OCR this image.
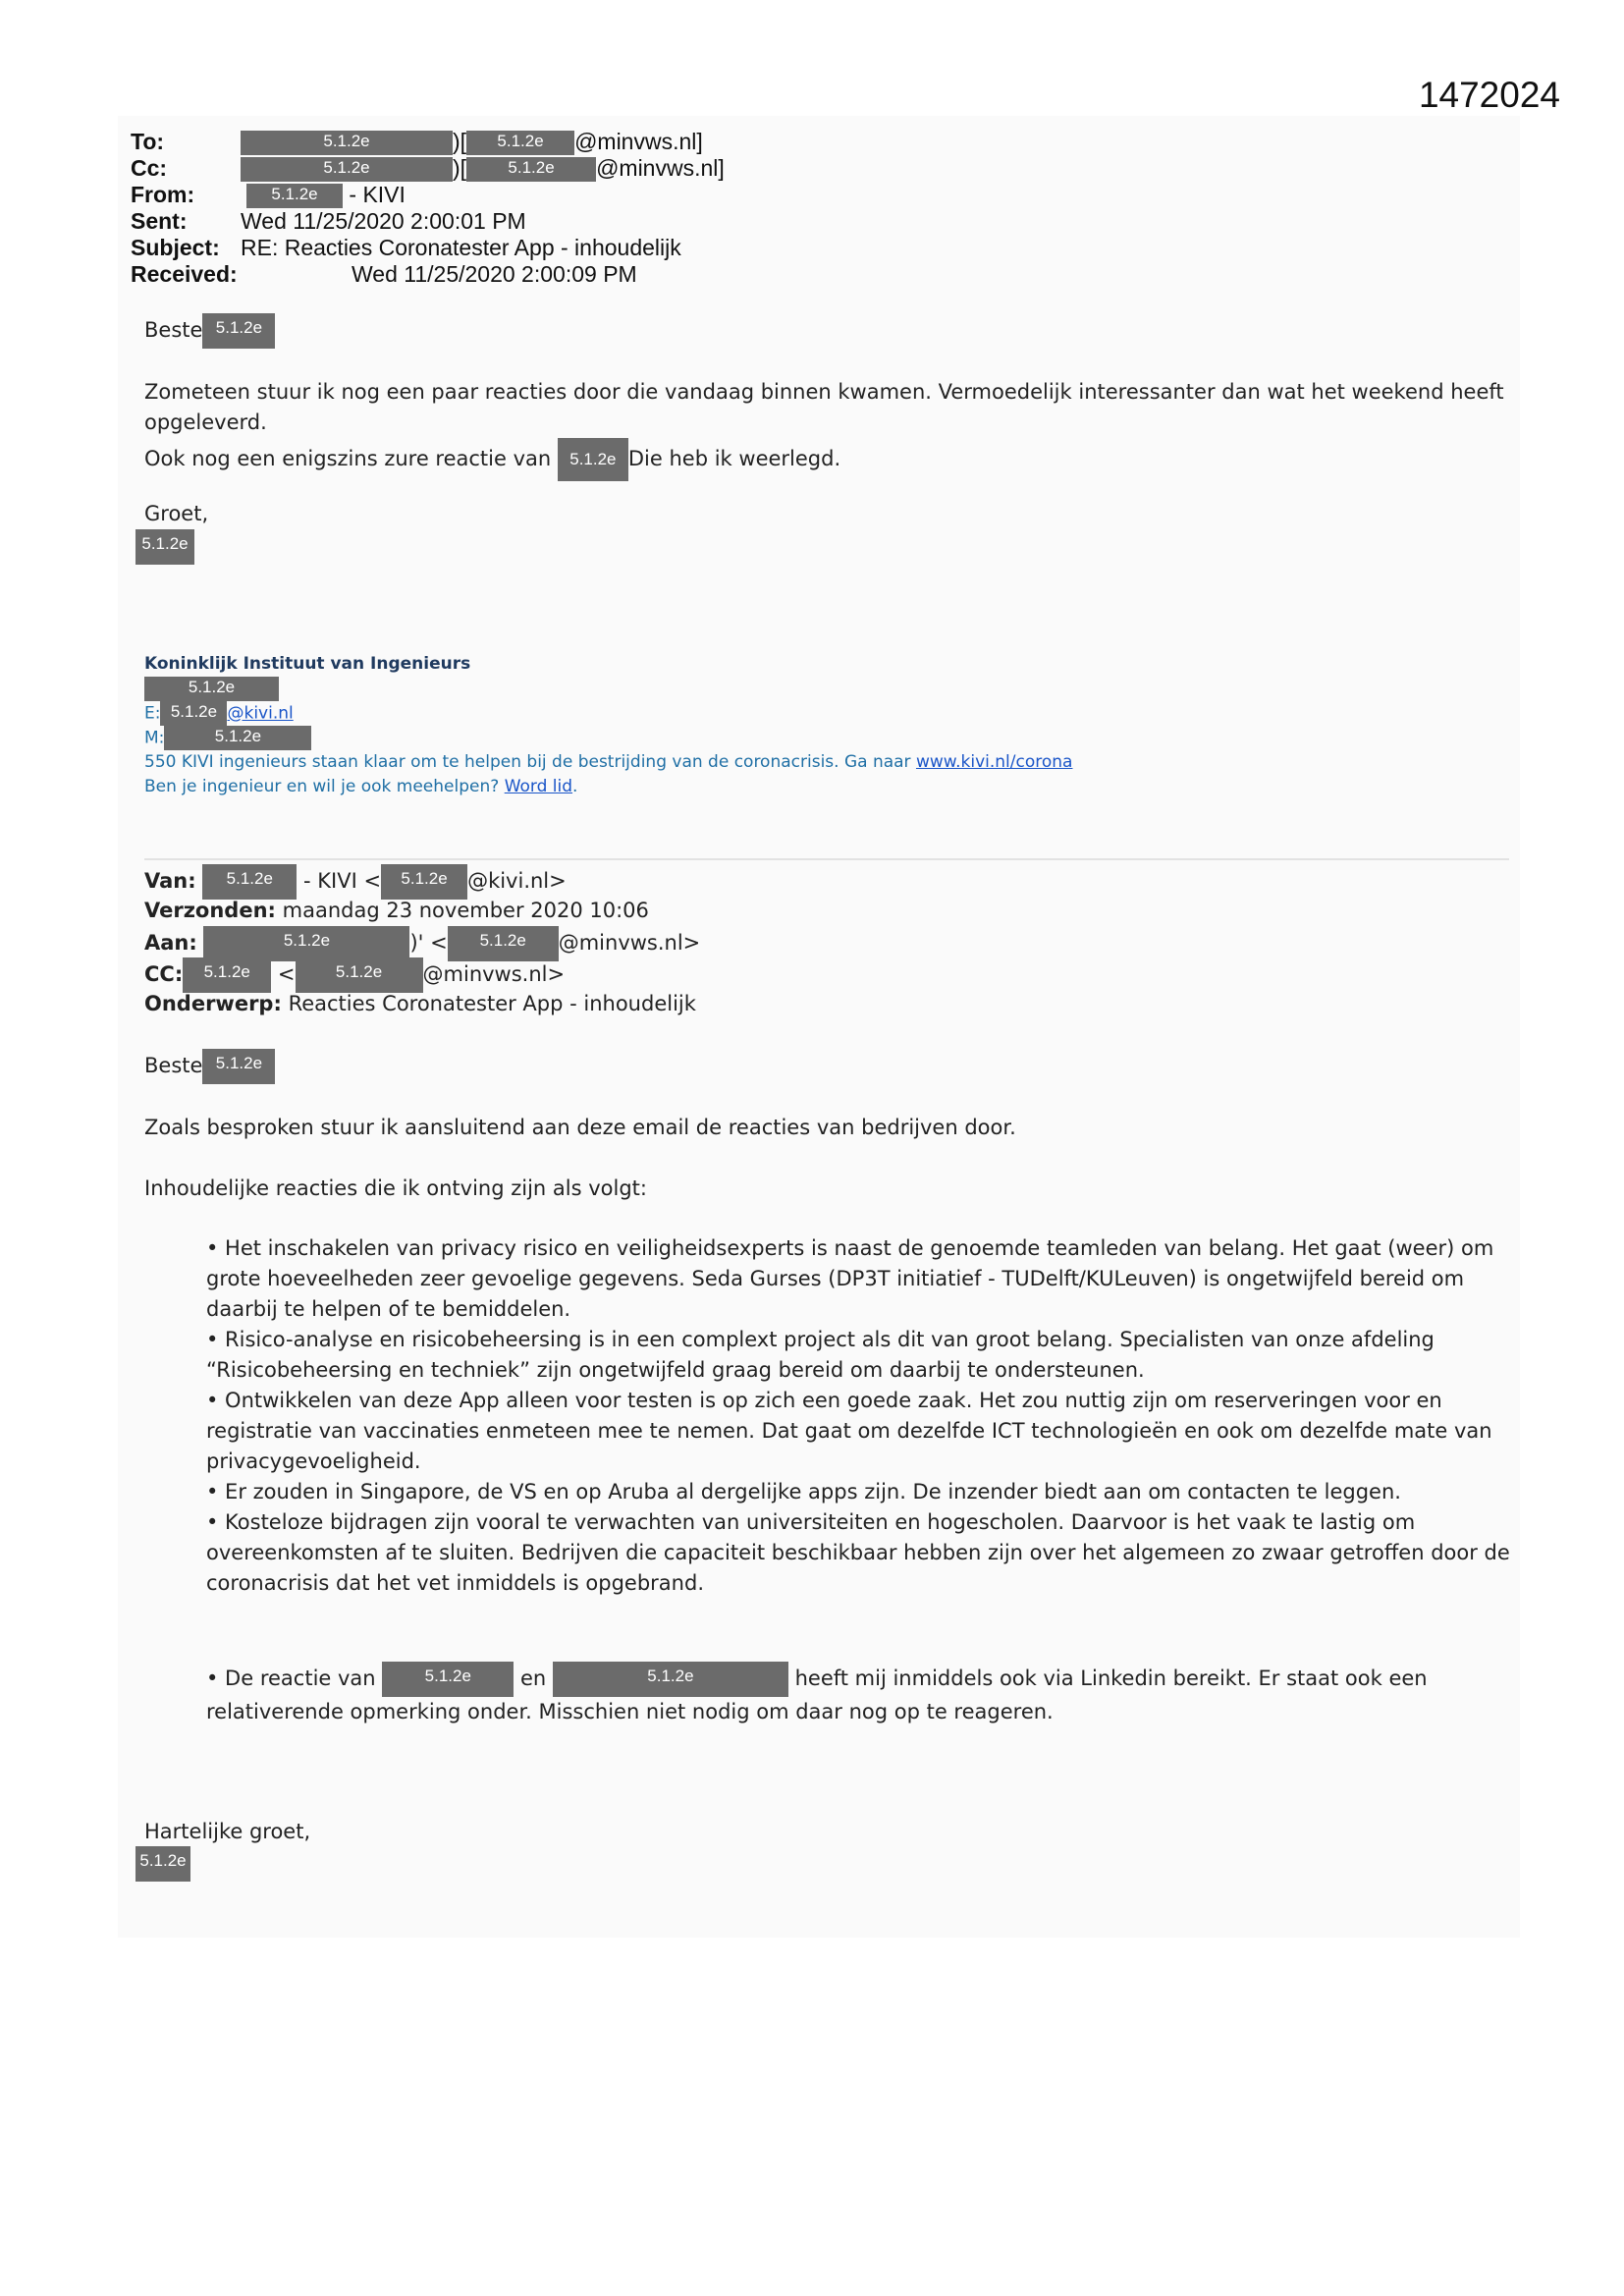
1472024
To:	5.1.2e	)[ 5.1.2e @minvws.nl]
Cc:	5.1.2e	)[ 5.1.2e @minvws.nl]
From:	5.1.2e - KIVI
Sent: Wed 11/25/2020 2:00:01 PM
Subject: RE: Reacties Coronatester App - inhoudelijk
Received:	Wed 11/25/2020 2:00:09 PM
Beste 5.1.2e
Zometeen stuur ik nog een paar reacties door die vandaag binnen kwamen. Vermoedelijk interessanter dan wat het weekend heeft
opgeleverd.
Ook nog een enigszins zure reactie van 5.1.2e Die heb ik weerlegd.
Groet,
5.1.2e
Koninklijk Instituut van Ingenieurs
5.1.2e
E: 5.1.2e @kivi.nl
M:	5.1.2e
550 KIVI ingenieurs staan klaar om te helpen bij de bestrijding van de coronacrisis. Ga naar www.kivi.nl/corona
Ben je ingenieur en wil je ook meehelpen? Word lid.
Van: 5.1.2e - KIVI < 5.1.2e @kivi.nl>
Verzonden: maandag 23 november 2020 10:06
Aan:	5.1.2e	)' < 5.1.2e @minvws.nl>
CC: 5.1.2e < 5.1.2e @minvws.nl>
Onderwerp: Reacties Coronatester App - inhoudelijk
Beste 5.1.2e
Zoals besproken stuur ik aansluitend aan deze email de reacties van bedrijven door.
Inhoudelijke reacties die ik ontving zijn als volgt:

• Het inschakelen van privacy risico en veiligheidsexperts is naast de genoemde teamleden van belang. Het gaat (weer) om grote hoeveelheden zeer gevoelige gegevens. Seda Gurses (DP3T initiatief - TUDelft/KULeuven) is ongetwijfeld bereid om daarbij te helpen of te bemiddelen.

• Risico-analyse en risicobeheersing is in een complext project als dit van groot belang. Specialisten van onze afdeling “Risicobeheersing en techniek” zijn ongetwijfeld graag bereid om daarbij te ondersteunen.

• Ontwikkelen van deze App alleen voor testen is op zich een goede zaak. Het zou nuttig zijn om reserveringen voor en registratie van vaccinaties enmeteen mee te nemen. Dat gaat om dezelfde ICT technologieën en ook om dezelfde mate van privacygevoeligheid.

• Er zouden in Singapore, de VS en op Aruba al dergelijke apps zijn. De inzender biedt aan om contacten te leggen.

• Kosteloze bijdragen zijn vooral te verwachten van universiteiten en hogescholen. Daarvoor is het vaak te lastig om overeenkomsten af te sluiten. Bedrijven die capaciteit beschikbaar hebben zijn over het algemeen zo zwaar getroffen door de coronacrisis dat het vet inmiddels is opgebrand.

• De reactie van	5.1.2e en	5.1.2e	heeft mij inmiddels ook via Linkedin bereikt. Er staat ook een
relativerende opmerking onder. Misschien niet nodig om daar nog op te reageren.
Hartelijke groet,
5.1.2e
